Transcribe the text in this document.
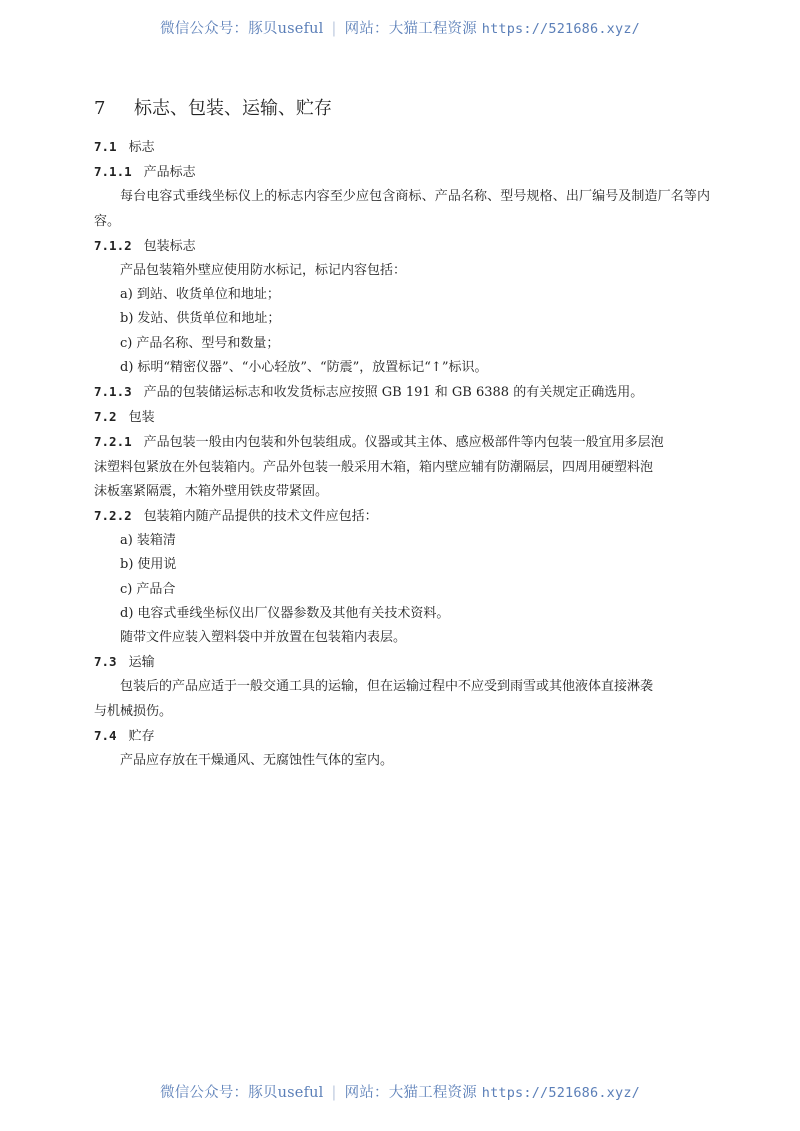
微信公众号：豚贝useful | 网站：大猫工程资源 https://521686.xyz/
7 标志、包装、运输、贮存
7.1 标志
7.1.1 产品标志
每台电容式垂线坐标仪上的标志内容至少应包含商标、产品名称、型号规格、出厂编号及制造厂名等内容。
7.1.2 包装标志
产品包装箱外壁应使用防水标记，标记内容包括：
a) 到站、收货单位和地址；
b) 发站、供货单位和地址；
c) 产品名称、型号和数量；
d) 标明“精密仪器”、“小心轻放”、“防震”，放置标记“↑”标识。
7.1.3 产品的包装储运标志和收发货标志应按照 GB 191 和 GB 6388 的有关规定正确选用。
7.2 包装
7.2.1 产品包装一般由内包装和外包装组成。仪器或其主体、感应极部件等内包装一般宜用多层泡
沫塑料包紧放在外包装箱内。产品外包装一般采用木箱，箱内壁应辅有防潮隔层，四周用硬塑料泡
沫板塞紧隔震，木箱外壁用铁皮带紧固。
7.2.2 包装箱内随产品提供的技术文件应包括：
a) 装箱清
b) 使用说
c) 产品合
d) 电容式垂线坐标仪出厂仪器参数及其他有关技术资料。
随带文件应装入塑料袋中并放置在包装箱内表层。
7.3 运输
包装后的产品应适于一般交通工具的运输，但在运输过程中不应受到雨雪或其他液体直接淋袭
与机械损伤。
7.4 贮存
产品应存放在干燥通风、无腐蚀性气体的室内。
微信公众号：豚贝useful | 网站：大猫工程资源 https://521686.xyz/
